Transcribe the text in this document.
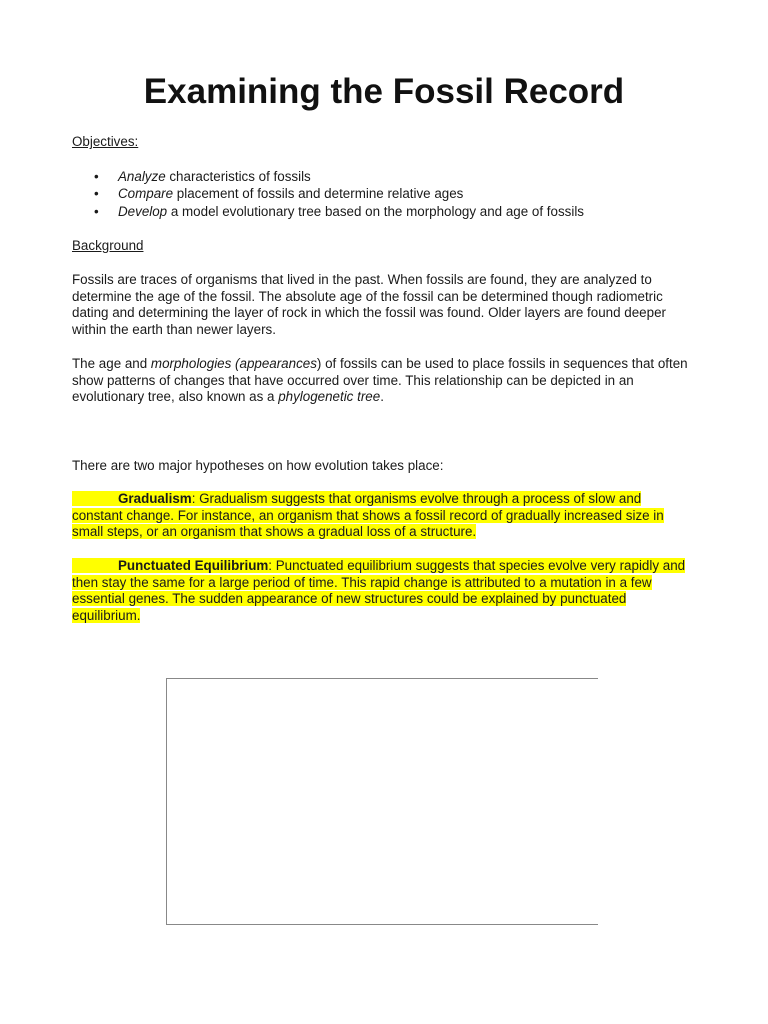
Examining the Fossil Record
Objectives:
• Analyze characteristics of fossils
• Compare placement of fossils and determine relative ages
• Develop a model evolutionary tree based on the morphology and age of fossils
Background
Fossils are traces of organisms that lived in the past. When fossils are found, they are analyzed to determine the age of the fossil. The absolute age of the fossil can be determined though radiometric dating and determining the layer of rock in which the fossil was found. Older layers are found deeper within the earth than newer layers.
The age and morphologies (appearances) of fossils can be used to place fossils in sequences that often show patterns of changes that have occurred over time. This relationship can be depicted in an evolutionary tree, also known as a phylogenetic tree.
There are two major hypotheses on how evolution takes place:
Gradualism: Gradualism suggests that organisms evolve through a process of slow and constant change. For instance, an organism that shows a fossil record of gradually increased size in small steps, or an organism that shows a gradual loss of a structure.
Punctuated Equilibrium: Punctuated equilibrium suggests that species evolve very rapidly and then stay the same for a large period of time. This rapid change is attributed to a mutation in a few essential genes. The sudden appearance of new structures could be explained by punctuated equilibrium.
